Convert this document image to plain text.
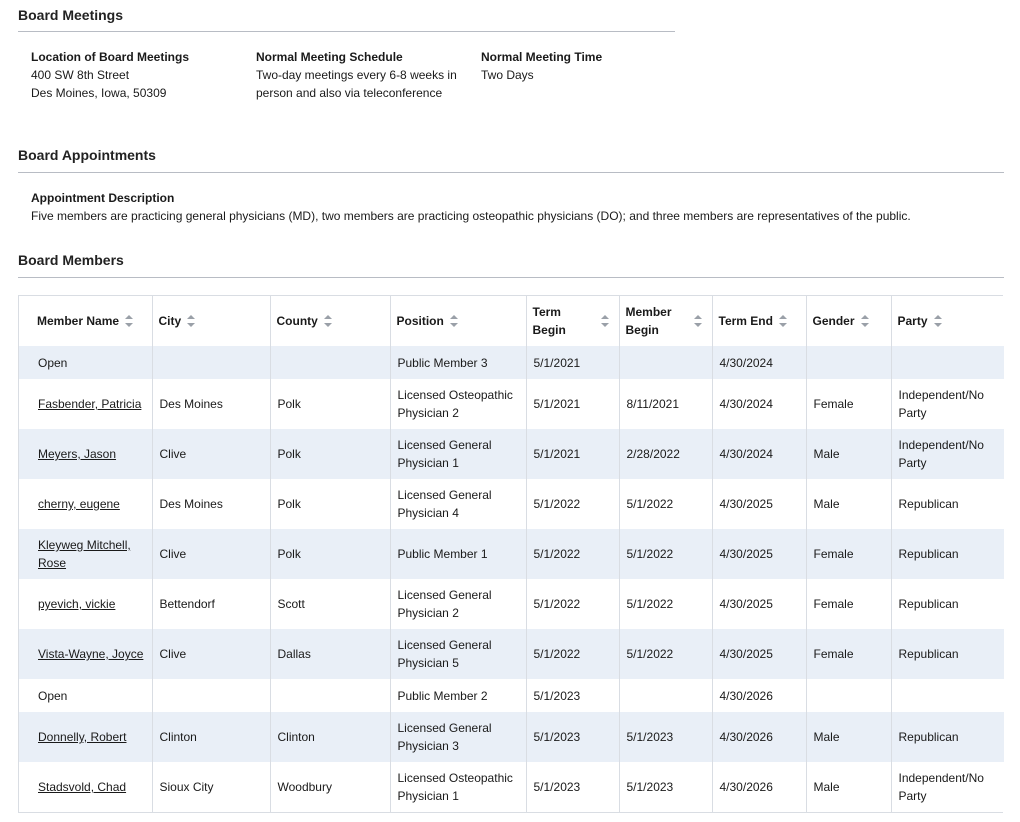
Board Meetings
Location of Board Meetings
400 SW 8th Street
Des Moines, Iowa, 50309
Normal Meeting Schedule
Two-day meetings every 6-8 weeks in
person and also via teleconference
Normal Meeting Time
Two Days
Board Appointments
Appointment Description
Five members are practicing general physicians (MD), two members are practicing osteopathic physicians (DO); and three members are representatives of the public.
Board Members
Member Name	City	County	Position	Term
Begin	Member
Begin	Term End	Gender	Party

Open			Public Member 3	5/1/2021		4/30/2024		
Fasbender, Patricia	Des Moines	Polk	Licensed Osteopathic
Physician 2	5/1/2021	8/11/2021	4/30/2024	Female	Independent/No
Party
Meyers, Jason	Clive	Polk	Licensed General
Physician 1	5/1/2021	2/28/2022	4/30/2024	Male	Independent/No
Party
cherny, eugene	Des Moines	Polk	Licensed General
Physician 4	5/1/2022	5/1/2022	4/30/2025	Male	Republican
Kleyweg Mitchell,
Rose	Clive	Polk	Public Member 1	5/1/2022	5/1/2022	4/30/2025	Female	Republican
pyevich, vickie	Bettendorf	Scott	Licensed General
Physician 2	5/1/2022	5/1/2022	4/30/2025	Female	Republican
Vista-Wayne, Joyce	Clive	Dallas	Licensed General
Physician 5	5/1/2022	5/1/2022	4/30/2025	Female	Republican
Open			Public Member 2	5/1/2023		4/30/2026		
Donnelly, Robert	Clinton	Clinton	Licensed General
Physician 3	5/1/2023	5/1/2023	4/30/2026	Male	Republican
Stadsvold, Chad	Sioux City	Woodbury	Licensed Osteopathic
Physician 1	5/1/2023	5/1/2023	4/30/2026	Male	Independent/No
Party
